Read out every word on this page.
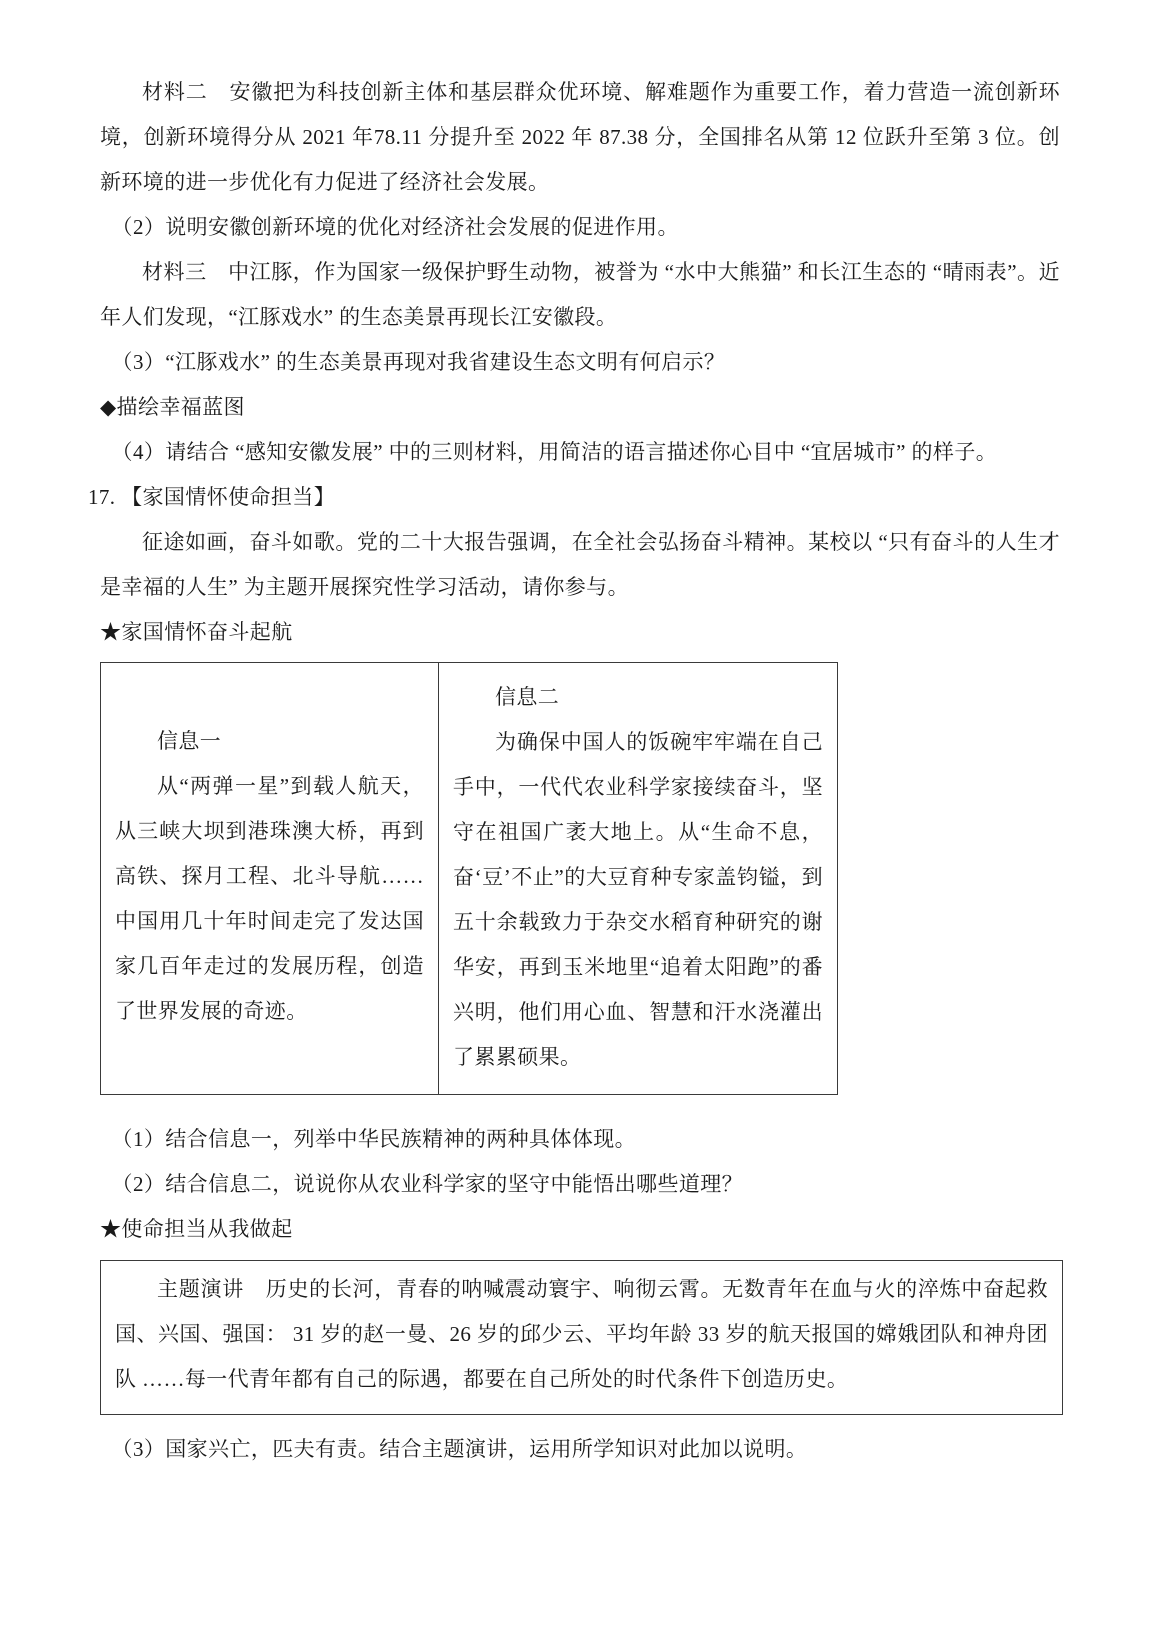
材料二　安徽把为科技创新主体和基层群众优环境、解难题作为重要工作，着力营造一流创新环境，创新环境得分从 2021 年78.11 分提升至 2022 年 87.38 分，全国排名从第 12 位跃升至第 3 位。创新环境的进一步优化有力促进了经济社会发展。

（2）说明安徽创新环境的优化对经济社会发展的促进作用。

材料三　中江豚，作为国家一级保护野生动物，被誉为 “水中大熊猫” 和长江生态的 “晴雨表”。近年人们发现，“江豚戏水” 的生态美景再现长江安徽段。

（3）“江豚戏水” 的生态美景再现对我省建设生态文明有何启示？

◆描绘幸福蓝图

（4）请结合 “感知安徽发展” 中的三则材料，用简洁的语言描述你心目中 “宜居城市” 的样子。

17. 【家国情怀使命担当】

征途如画，奋斗如歌。党的二十大报告强调，在全社会弘扬奋斗精神。某校以 “只有奋斗的人生才是幸福的人生” 为主题开展探究性学习活动，请你参与。

★家国情怀奋斗起航

信息一

从“两弹一星”到载人航天，从三峡大坝到港珠澳大桥，再到高铁、探月工程、北斗导航……中国用几十年时间走完了发达国家几百年走过的发展历程，创造了世界发展的奇迹。

信息二

为确保中国人的饭碗牢牢端在自己手中，一代代农业科学家接续奋斗，坚守在祖国广袤大地上。从“生命不息，奋‘豆’不止”的大豆育种专家盖钧镒，到五十余载致力于杂交水稻育种研究的谢华安，再到玉米地里“追着太阳跑”的番兴明，他们用心血、智慧和汗水浇灌出了累累硕果。

（1）结合信息一，列举中华民族精神的两种具体体现。

（2）结合信息二，说说你从农业科学家的坚守中能悟出哪些道理？

★使命担当从我做起

主题演讲　历史的长河，青春的呐喊震动寰宇、响彻云霄。无数青年在血与火的淬炼中奋起救国、兴国、强国： 31 岁的赵一曼、26 岁的邱少云、平均年龄 33 岁的航天报国的嫦娥团队和神舟团队 ……每一代青年都有自己的际遇，都要在自己所处的时代条件下创造历史。

（3）国家兴亡，匹夫有责。结合主题演讲，运用所学知识对此加以说明。
